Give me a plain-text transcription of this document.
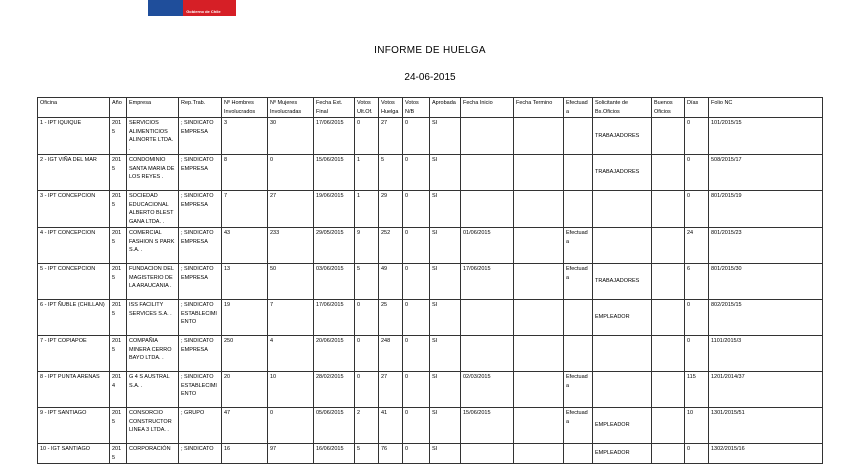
Gobierno de Chile
INFORME DE HUELGA
24-06-2015
Oficina	Año	Empresa	Rep.Trab.	Nº Hombres Involucrados	Nº Mujeres Involucradas	Fecha Ext. Final	Votos Ult.Of.	Votos Huelga	Votos N/B	Aprobada	Fecha Inicio	Fecha Termino	Efectuada	Solicitante de Bs.Oficios	Buenos Oficios	Días	Folio NC
1 - IPT IQUIQUE	2015	SERVICIOS ALIMENTICIOS ALINORTE LTDA. .	; SINDICATO EMPRESA	3	30	17/06/2015	0	27	0	SI				TRABAJADORES		0	101/2015/15
2 - IGT VIÑA DEL MAR	2015	CONDOMINIO SANTA MARIA DE LOS REYES .	; SINDICATO EMPRESA	8	0	15/06/2015	1	5	0	SI				TRABAJADORES		0	508/2015/17
3 - IPT CONCEPCION	2015	SOCIEDAD EDUCACIONAL ALBERTO BLEST GANA LTDA. .	; SINDICATO EMPRESA	7	27	19/06/2015	1	29	0	SI						0	801/2015/19
4 - IPT CONCEPCION	2015	COMERCIAL FASHION S PARK S.A. .	; SINDICATO EMPRESA	43	233	29/05/2015	9	252	0	SI	01/06/2015		Efectuada			24	801/2015/23
5 - IPT CONCEPCION	2015	FUNDACION DEL MAGISTERIO DE LA ARAUCANIA .	; SINDICATO EMPRESA	13	50	03/06/2015	5	49	0	SI	17/06/2015		Efectuada	TRABAJADORES		6	801/2015/30
6 - IPT ÑUBLE (CHILLAN)	2015	ISS FACILITY SERVICES S.A. .	; SINDICATO ESTABLECIMIENTO	19	7	17/06/2015	0	25	0	SI				EMPLEADOR		0	802/2015/15
7 - IPT COPIAPOE	2015	COMPAÑIA MINERA CERRO BAYO LTDA. .	; SINDICATO EMPRESA	250	4	20/06/2015	0	248	0	SI						0	1101/2015/3
8 - IPT PUNTA ARENAS	2014	G 4 S AUSTRAL S.A. .	; SINDICATO ESTABLECIMIENTO	20	10	28/02/2015	0	27	0	SI	02/03/2015		Efectuada			115	1201/2014/37
9 - IPT SANTIAGO	2015	CONSORCIO CONSTRUCTOR LINEA 3 LTDA. .	; GRUPO	47	0	05/06/2015	2	41	0	SI	15/06/2015		Efectuada	EMPLEADOR		10	1301/2015/51
10 - IGT SANTIAGO	2015	CORPORACIÓN	; SINDICATO	16	97	16/06/2015	5	76	0	SI				EMPLEADOR		0	1302/2015/16
